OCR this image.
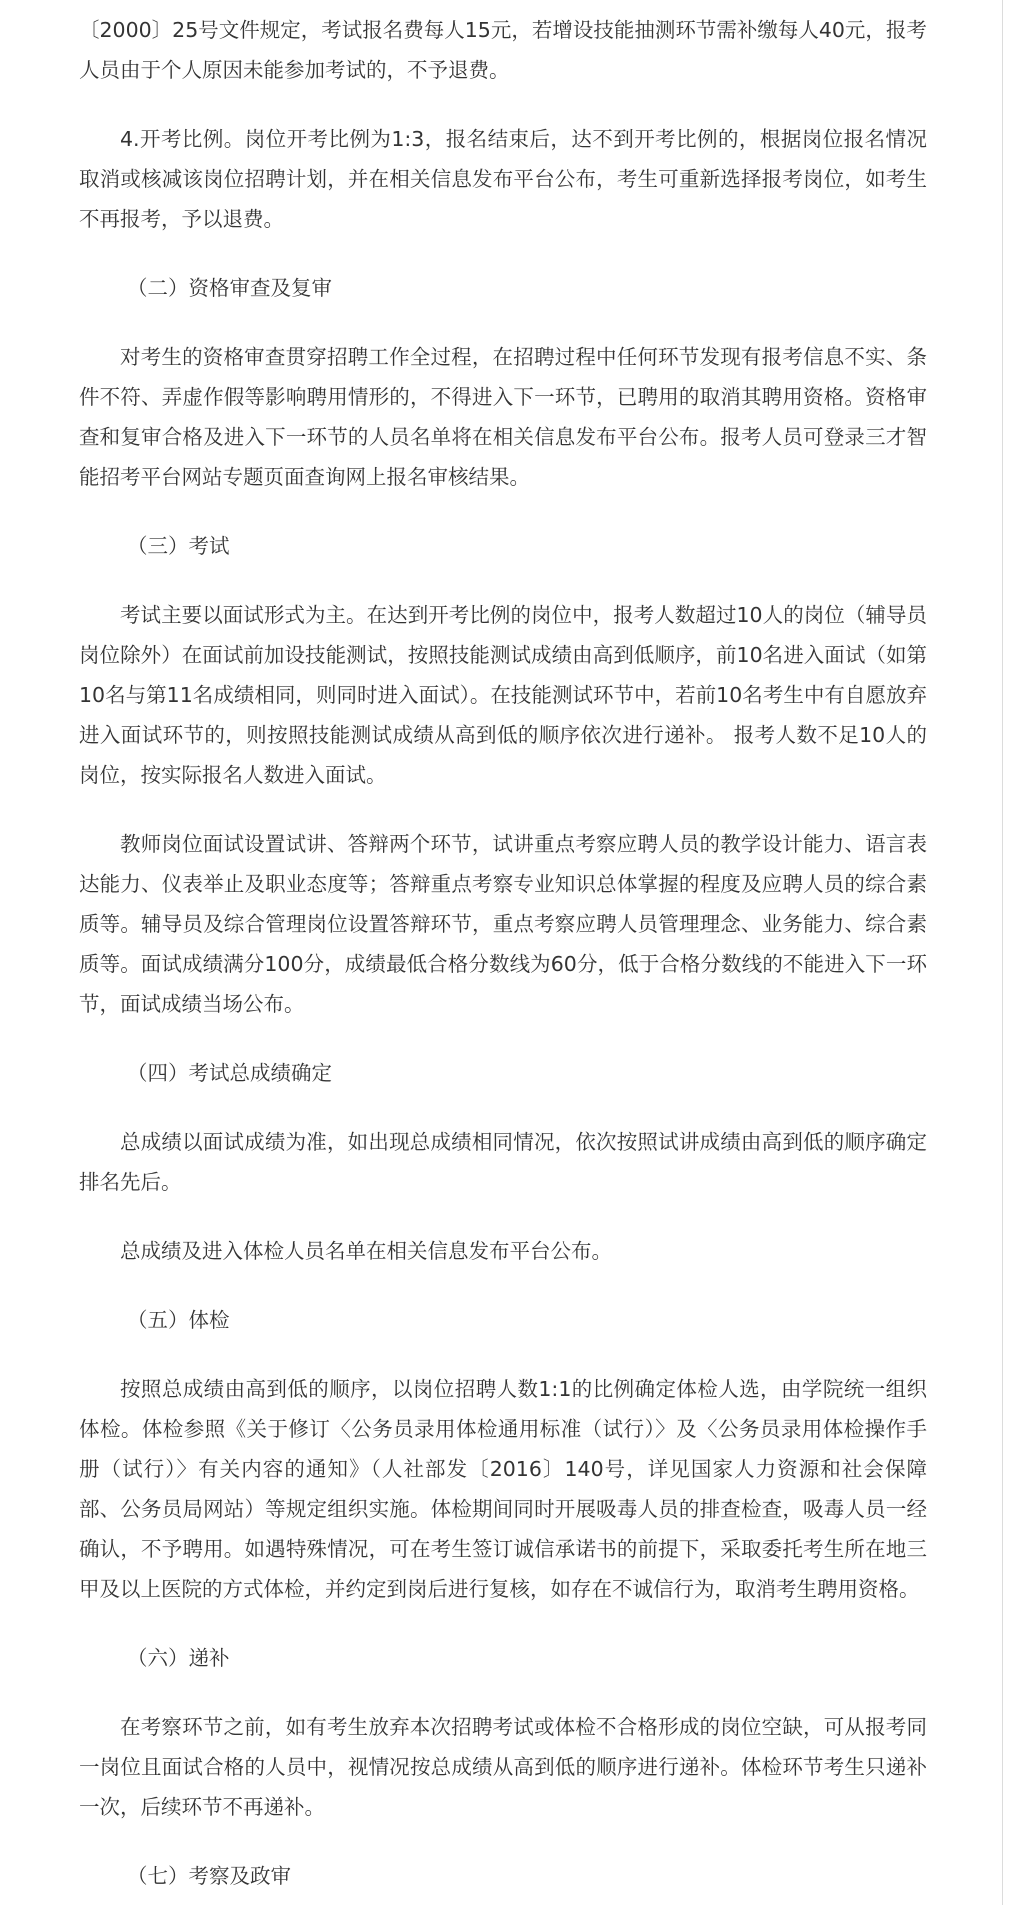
〔2000〕25号文件规定，考试报名费每人15元，若增设技能抽测环节需补缴每人40元，报考人员由于个人原因未能参加考试的，不予退费。

4.开考比例。岗位开考比例为1:3，报名结束后，达不到开考比例的，根据岗位报名情况取消或核减该岗位招聘计划，并在相关信息发布平台公布，考生可重新选择报考岗位，如考生不再报考，予以退费。

（二）资格审查及复审

对考生的资格审查贯穿招聘工作全过程，在招聘过程中任何环节发现有报考信息不实、条件不符、弄虚作假等影响聘用情形的，不得进入下一环节，已聘用的取消其聘用资格。资格审查和复审合格及进入下一环节的人员名单将在相关信息发布平台公布。报考人员可登录三才智能招考平台网站专题页面查询网上报名审核结果。

（三）考试

考试主要以面试形式为主。在达到开考比例的岗位中，报考人数超过10人的岗位（辅导员岗位除外）在面试前加设技能测试，按照技能测试成绩由高到低顺序，前10名进入面试（如第10名与第11名成绩相同，则同时进入面试）。在技能测试环节中，若前10名考生中有自愿放弃进入面试环节的，则按照技能测试成绩从高到低的顺序依次进行递补。 报考人数不足10人的岗位，按实际报名人数进入面试。

教师岗位面试设置试讲、答辩两个环节，试讲重点考察应聘人员的教学设计能力、语言表达能力、仪表举止及职业态度等；答辩重点考察专业知识总体掌握的程度及应聘人员的综合素质等。辅导员及综合管理岗位设置答辩环节，重点考察应聘人员管理理念、业务能力、综合素质等。面试成绩满分100分，成绩最低合格分数线为60分，低于合格分数线的不能进入下一环节，面试成绩当场公布。

（四）考试总成绩确定

总成绩以面试成绩为准，如出现总成绩相同情况，依次按照试讲成绩由高到低的顺序确定排名先后。

总成绩及进入体检人员名单在相关信息发布平台公布。

（五）体检

按照总成绩由高到低的顺序，以岗位招聘人数1:1的比例确定体检人选，由学院统一组织体检。体检参照《关于修订〈公务员录用体检通用标准（试行）〉及〈公务员录用体检操作手册（试行）〉有关内容的通知》（人社部发〔2016〕140号，详见国家人力资源和社会保障部、公务员局网站）等规定组织实施。体检期间同时开展吸毒人员的排查检查，吸毒人员一经确认，不予聘用。如遇特殊情况，可在考生签订诚信承诺书的前提下，采取委托考生所在地三甲及以上医院的方式体检，并约定到岗后进行复核，如存在不诚信行为，取消考生聘用资格。

（六）递补

在考察环节之前，如有考生放弃本次招聘考试或体检不合格形成的岗位空缺，可从报考同一岗位且面试合格的人员中，视情况按总成绩从高到低的顺序进行递补。体检环节考生只递补一次，后续环节不再递补。

（七）考察及政审
